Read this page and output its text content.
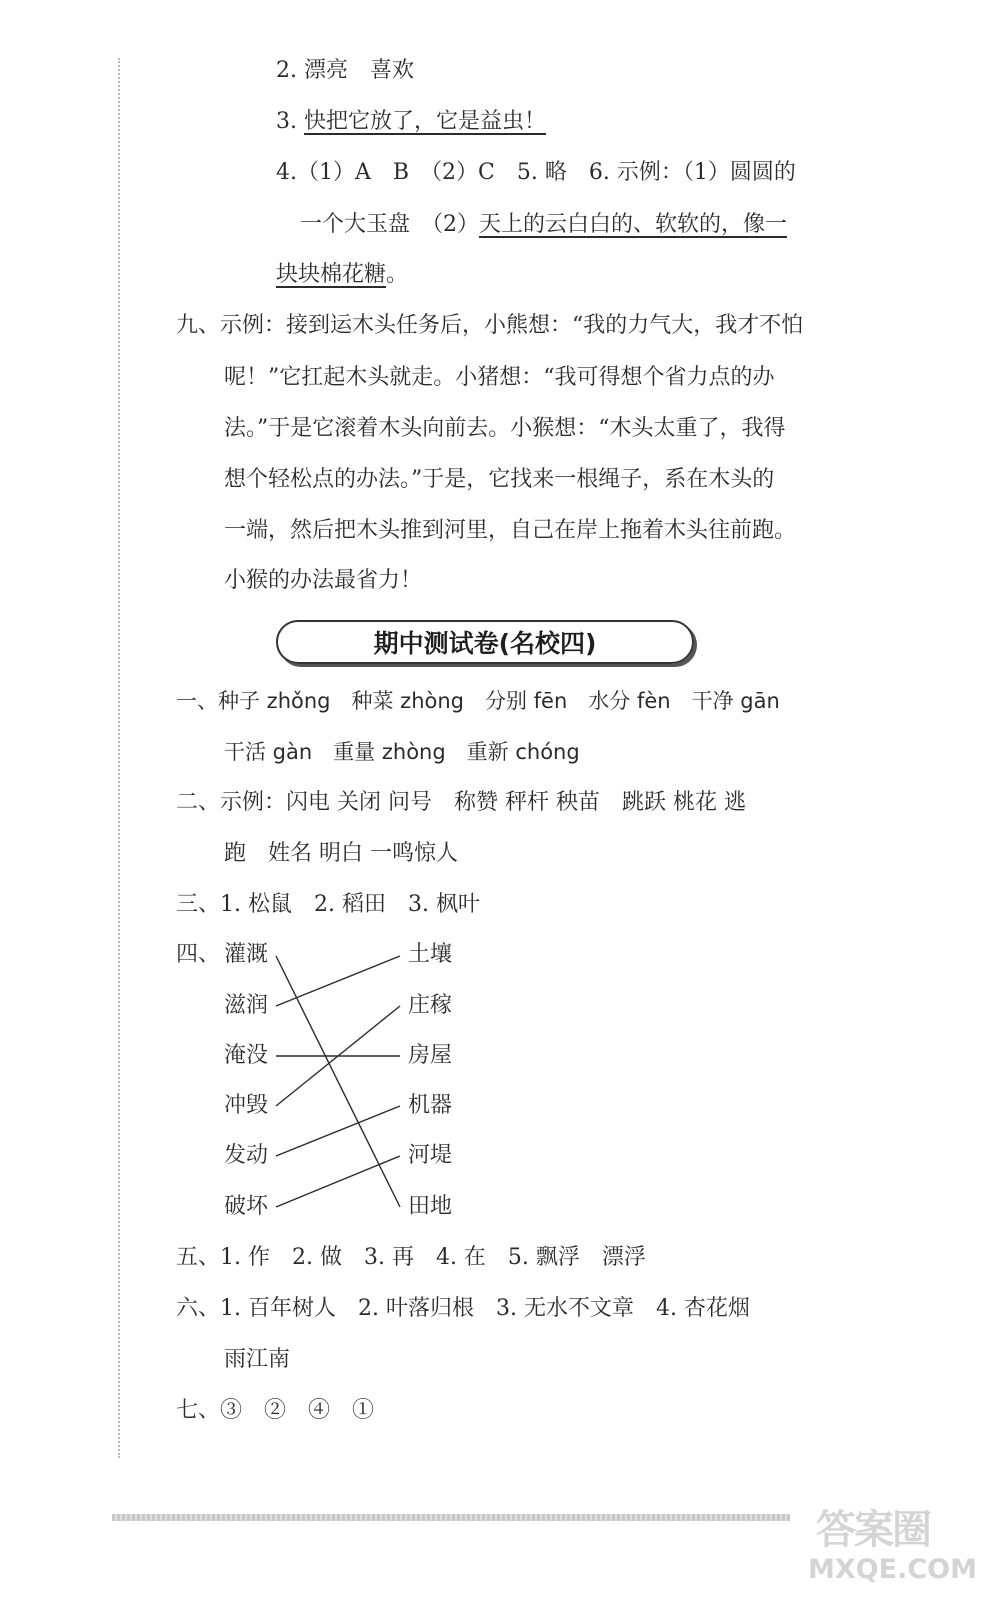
2. 漂亮　喜欢
3. 快把它放了，它是益虫！
4.（1）A　B　（2）C　5. 略　6. 示例：（1）圆圆的
一个大玉盘　（2）天上的云白白的、软软的，像一
块块棉花糖。
九、示例：接到运木头任务后，小熊想：“我的力气大，我才不怕
呢！”它扛起木头就走。小猪想：“我可得想个省力点的办
法。”于是它滚着木头向前去。小猴想：“木头太重了，我得
想个轻松点的办法。”于是，它找来一根绳子，系在木头的
一端，然后把木头推到河里，自己在岸上拖着木头往前跑。
小猴的办法最省力！
期中测试卷(名校四)
一、种子 zhǒng　种菜 zhòng　分别 fēn　水分 fèn　干净 gān
干活 gàn　重量 zhòng　重新 chóng
二、示例：闪电 关闭 问号　称赞 秤杆 秧苗　跳跃 桃花 逃
跑　姓名 明白 一鸣惊人
三、1. 松鼠　2. 稻田　3. 枫叶
四、 灌溉
滋润
淹没
冲毁
发动
破坏
土壤
庄稼
房屋
机器
河堤
田地
五、1. 作　2. 做　3. 再　4. 在　5. 飘浮　漂浮
六、1. 百年树人　2. 叶落归根　3. 无水不文章　4. 杏花烟
雨江南
七、③　②　④　①
答案圈
MXQE.COM
